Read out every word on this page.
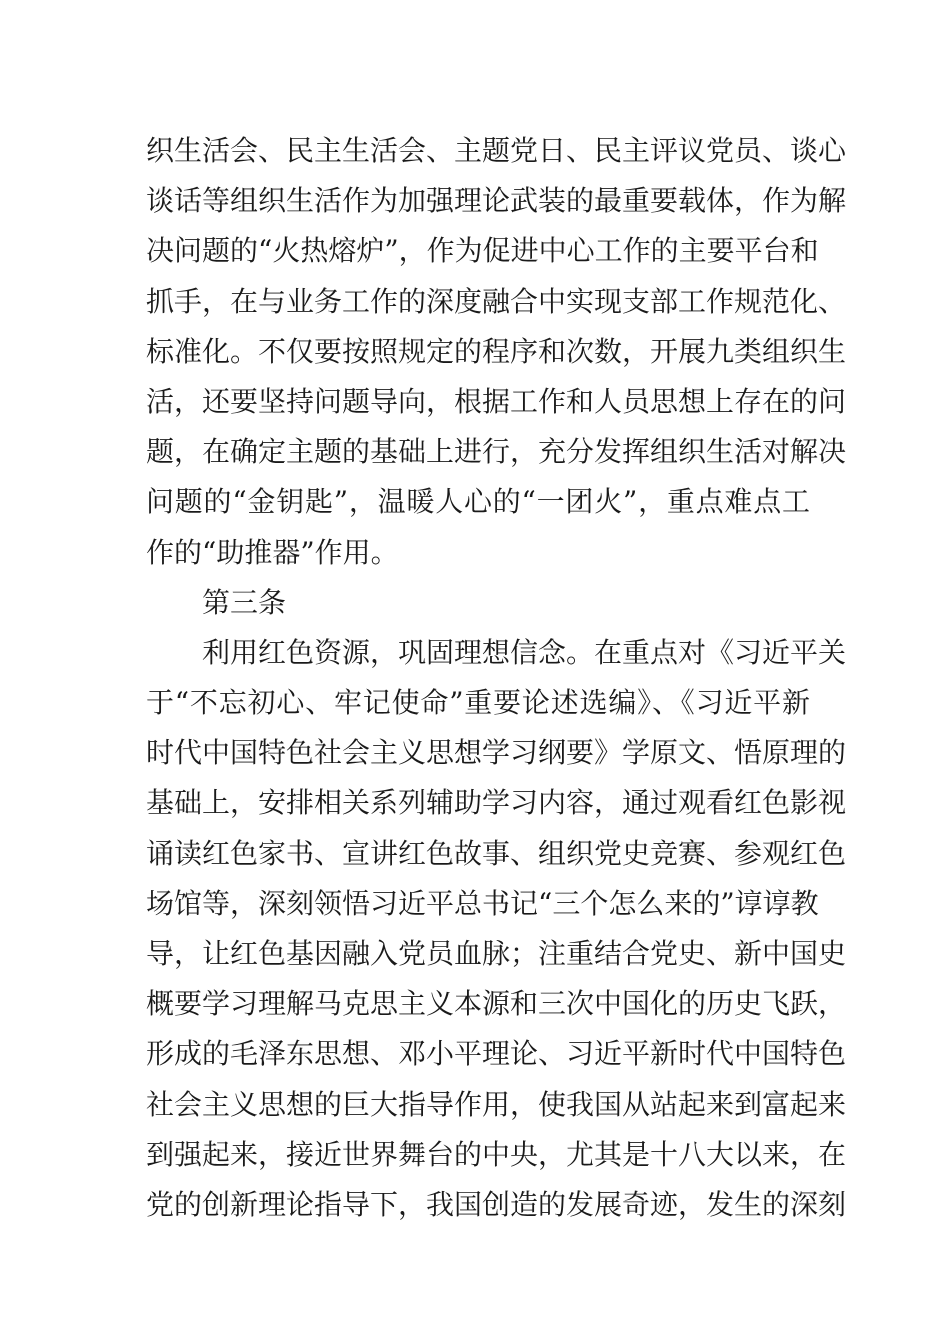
织生活会、民主生活会、主题党日、民主评议党员、谈心
谈话等组织生活作为加强理论武装的最重要载体，作为解
决问题的“火热熔炉”，作为促进中心工作的主要平台和
抓手，在与业务工作的深度融合中实现支部工作规范化、
标准化。不仅要按照规定的程序和次数，开展九类组织生
活，还要坚持问题导向，根据工作和人员思想上存在的问
题，在确定主题的基础上进行，充分发挥组织生活对解决
问题的“金钥匙”，温暖人心的“一团火”，重点难点工
作的“助推器”作用。
第三条
利用红色资源，巩固理想信念。在重点对《习近平关
于“不忘初心、牢记使命”重要论述选编》、《习近平新
时代中国特色社会主义思想学习纲要》学原文、悟原理的
基础上，安排相关系列辅助学习内容，通过观看红色影视
诵读红色家书、宣讲红色故事、组织党史竞赛、参观红色
场馆等，深刻领悟习近平总书记“三个怎么来的”谆谆教
导，让红色基因融入党员血脉；注重结合党史、新中国史
概要学习理解马克思主义本源和三次中国化的历史飞跃，
形成的毛泽东思想、邓小平理论、习近平新时代中国特色
社会主义思想的巨大指导作用，使我国从站起来到富起来
到强起来，接近世界舞台的中央，尤其是十八大以来，在
党的创新理论指导下，我国创造的发展奇迹，发生的深刻
